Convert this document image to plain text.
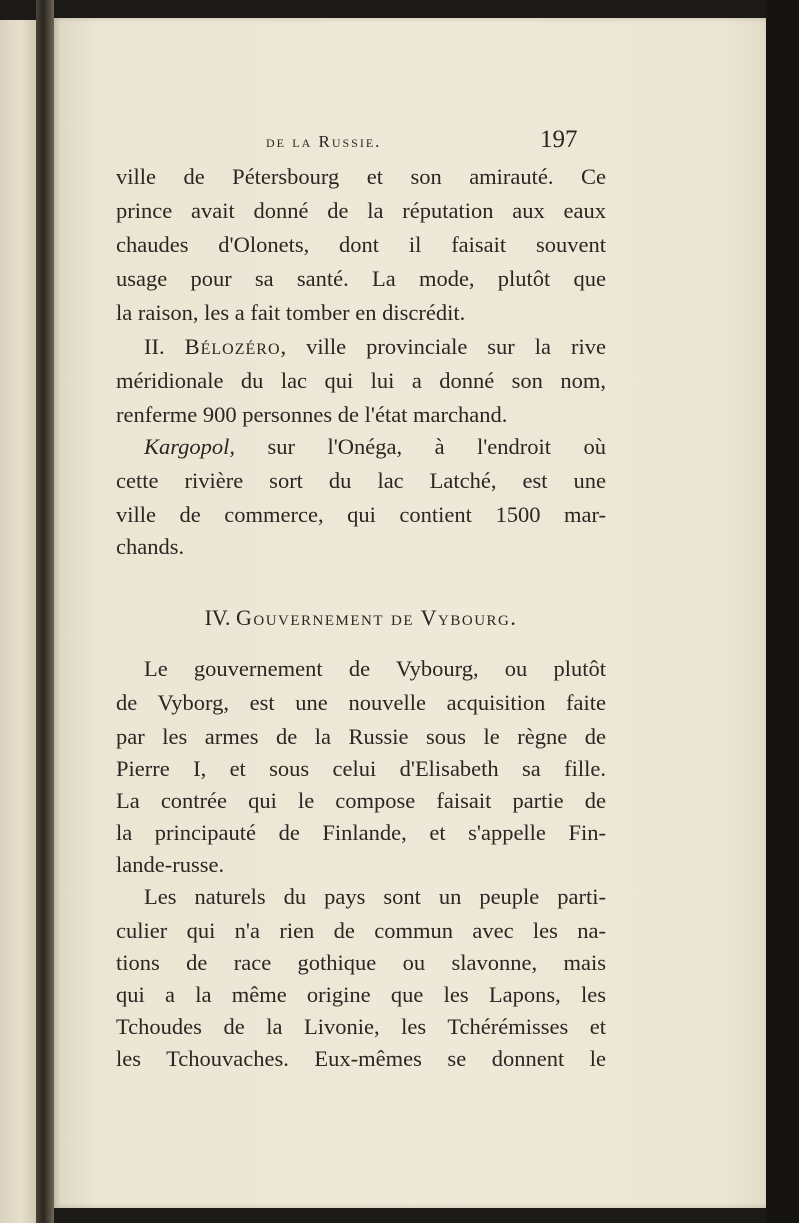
de la Russie.	197
ville de Pétersbourg et son amirauté. Ce
prince avait donné de la réputation aux eaux
chaudes d'Olonets, dont il faisait souvent
usage pour sa santé. La mode, plutôt que
la raison, les a fait tomber en discrédit.
II. Bélozéro, ville provinciale sur la rive
méridionale du lac qui lui a donné son nom,
renferme 900 personnes de l'état marchand.
Kargopol, sur l'Onéga, à l'endroit où
cette rivière sort du lac Latché, est une
ville de commerce, qui contient 1500 mar-
chands.
IV. Gouvernement de Vybourg.
Le gouvernement de Vybourg, ou plutôt
de Vyborg, est une nouvelle acquisition faite
par les armes de la Russie sous le règne de
Pierre I, et sous celui d'Elisabeth sa fille.
La contrée qui le compose faisait partie de
la principauté de Finlande, et s'appelle Fin-
lande-russe.
Les naturels du pays sont un peuple parti-
culier qui n'a rien de commun avec les na-
tions de race gothique ou slavonne, mais
qui a la même origine que les Lapons, les
Tchoudes de la Livonie, les Tchérémisses et
les Tchouvaches. Eux-mêmes se donnent le
